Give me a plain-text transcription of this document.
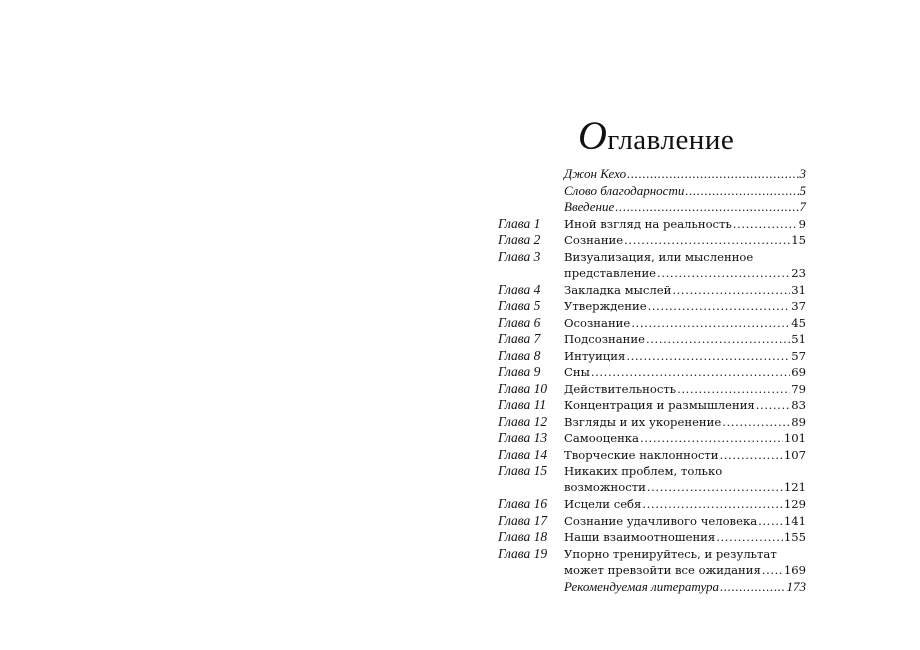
Оглавление
Джон Кехо .....	3
Слово благодарности .....	5
Введение .....	7
Глава 1	Иной взгляд на реальность .....	9
Глава 2	Сознание .....	15
Глава 3	Визуализация, или мысленное
представление .....	23
Глава 4	Закладка мыслей .....	31
Глава 5	Утверждение .....	37
Глава 6	Осознание .....	45
Глава 7	Подсознание .....	51
Глава 8	Интуиция .....	57
Глава 9	Сны .....	69
Глава 10	Действительность .....	79
Глава 11	Концентрация и размышления .....	83
Глава 12	Взгляды и их укоренение .....	89
Глава 13	Самооценка .....	101
Глава 14	Творческие наклонности .....	107
Глава 15	Никаких проблем, только
возможности .....	121
Глава 16	Исцели себя .....	129
Глава 17	Сознание удачливого человека ..... 141
Глава 18	Наши взаимоотношения .....	155
Глава 19	Упорно тренируйтесь, и результат
может превзойти все ожидания ..... 169
Рекомендуемая литература .....	173
